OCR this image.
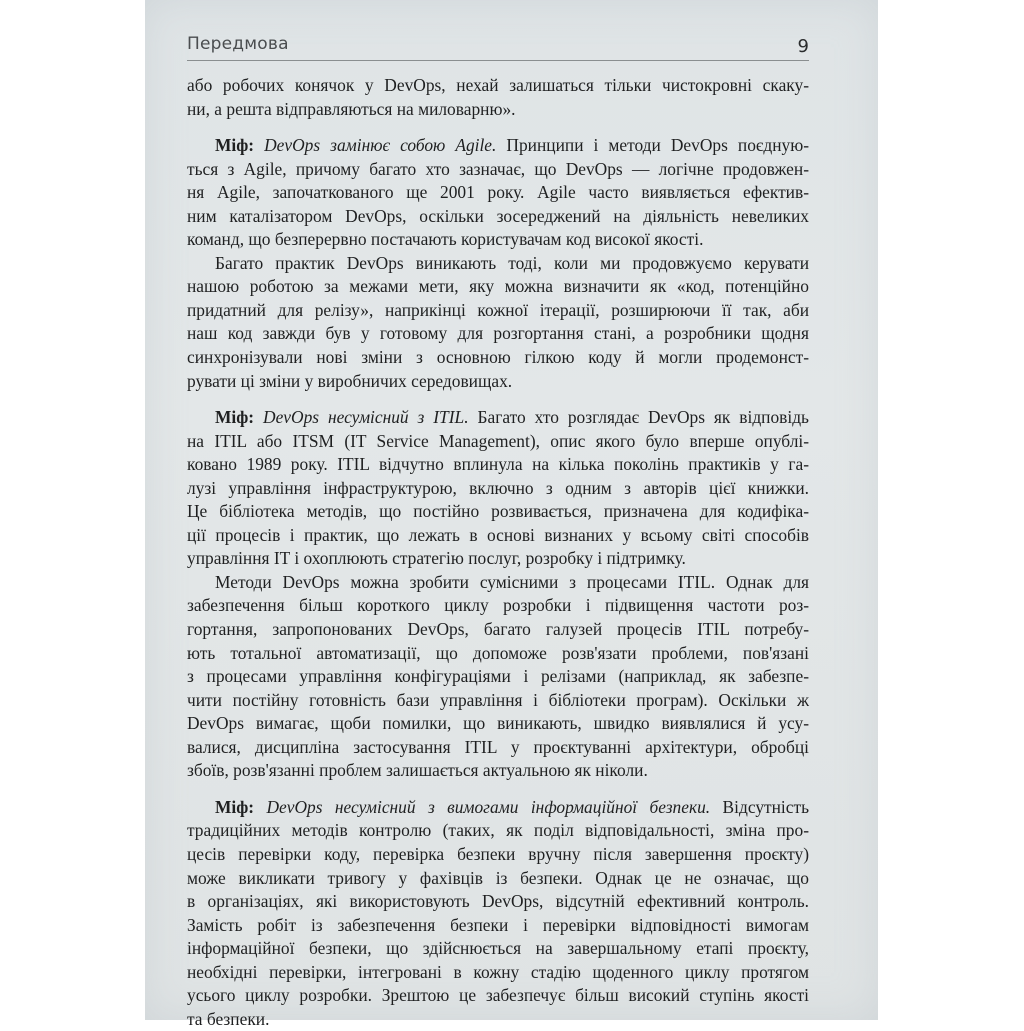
Передмова	9

або робочих конячок у DevOps, нехай залишаться тільки чистокровні скаку-
ни, а решта відправляються на миловарню».

Міф: DevOps замінює собою Agile. Принципи і методи DevOps поєдную-
ться з Agile, причому багато хто зазначає, що DevOps — логічне продовжен-
ня Agile, започаткованого ще 2001 року. Agile часто виявляється ефектив-
ним каталізатором DevOps, оскільки зосереджений на діяльність невеликих
команд, що безперервно постачають користувачам код високої якості.

Багато практик DevOps виникають тоді, коли ми продовжуємо керувати
нашою роботою за межами мети, яку можна визначити як «код, потенційно
придатний для релізу», наприкінці кожної ітерації, розширюючи її так, аби
наш код завжди був у готовому для розгортання стані, а розробники щодня
синхронізували нові зміни з основною гілкою коду й могли продемонст-
рувати ці зміни у виробничих середовищах.

Міф: DevOps несумісний з ITIL. Багато хто розглядає DevOps як відповідь
на ITIL або ITSM (IT Service Management), опис якого було вперше опублі-
ковано 1989 року. ITIL відчутно вплинула на кілька поколінь практиків у га-
лузі управління інфраструктурою, включно з одним з авторів цієї книжки.
Це бібліотека методів, що постійно розвивається, призначена для кодифіка-
ції процесів і практик, що лежать в основі визнаних у всьому світі способів
управління IT і охоплюють стратегію послуг, розробку і підтримку.

Методи DevOps можна зробити сумісними з процесами ITIL. Однак для
забезпечення більш короткого циклу розробки і підвищення частоти роз-
гортання, запропонованих DevOps, багато галузей процесів ITIL потребу-
ють тотальної автоматизації, що допоможе розв'язати проблеми, пов'язані
з процесами управління конфігураціями і релізами (наприклад, як забезпе-
чити постійну готовність бази управління і бібліотеки програм). Оскільки ж
DevOps вимагає, щоби помилки, що виникають, швидко виявлялися й усу-
валися, дисципліна застосування ITIL у проєктуванні архітектури, обробці
збоїв, розв'язанні проблем залишається актуальною як ніколи.

Міф: DevOps несумісний з вимогами інформаційної безпеки. Відсутність
традиційних методів контролю (таких, як поділ відповідальності, зміна про-
цесів перевірки коду, перевірка безпеки вручну після завершення проєкту)
може викликати тривогу у фахівців із безпеки. Однак це не означає, що
в організаціях, які використовують DevOps, відсутній ефективний контроль.
Замість робіт із забезпечення безпеки і перевірки відповідності вимогам
інформаційної безпеки, що здійснюється на завершальному етапі проєкту,
необхідні перевірки, інтегровані в кожну стадію щоденного циклу протягом
усього циклу розробки. Зрештою це забезпечує більш високий ступінь якості
та безпеки.
